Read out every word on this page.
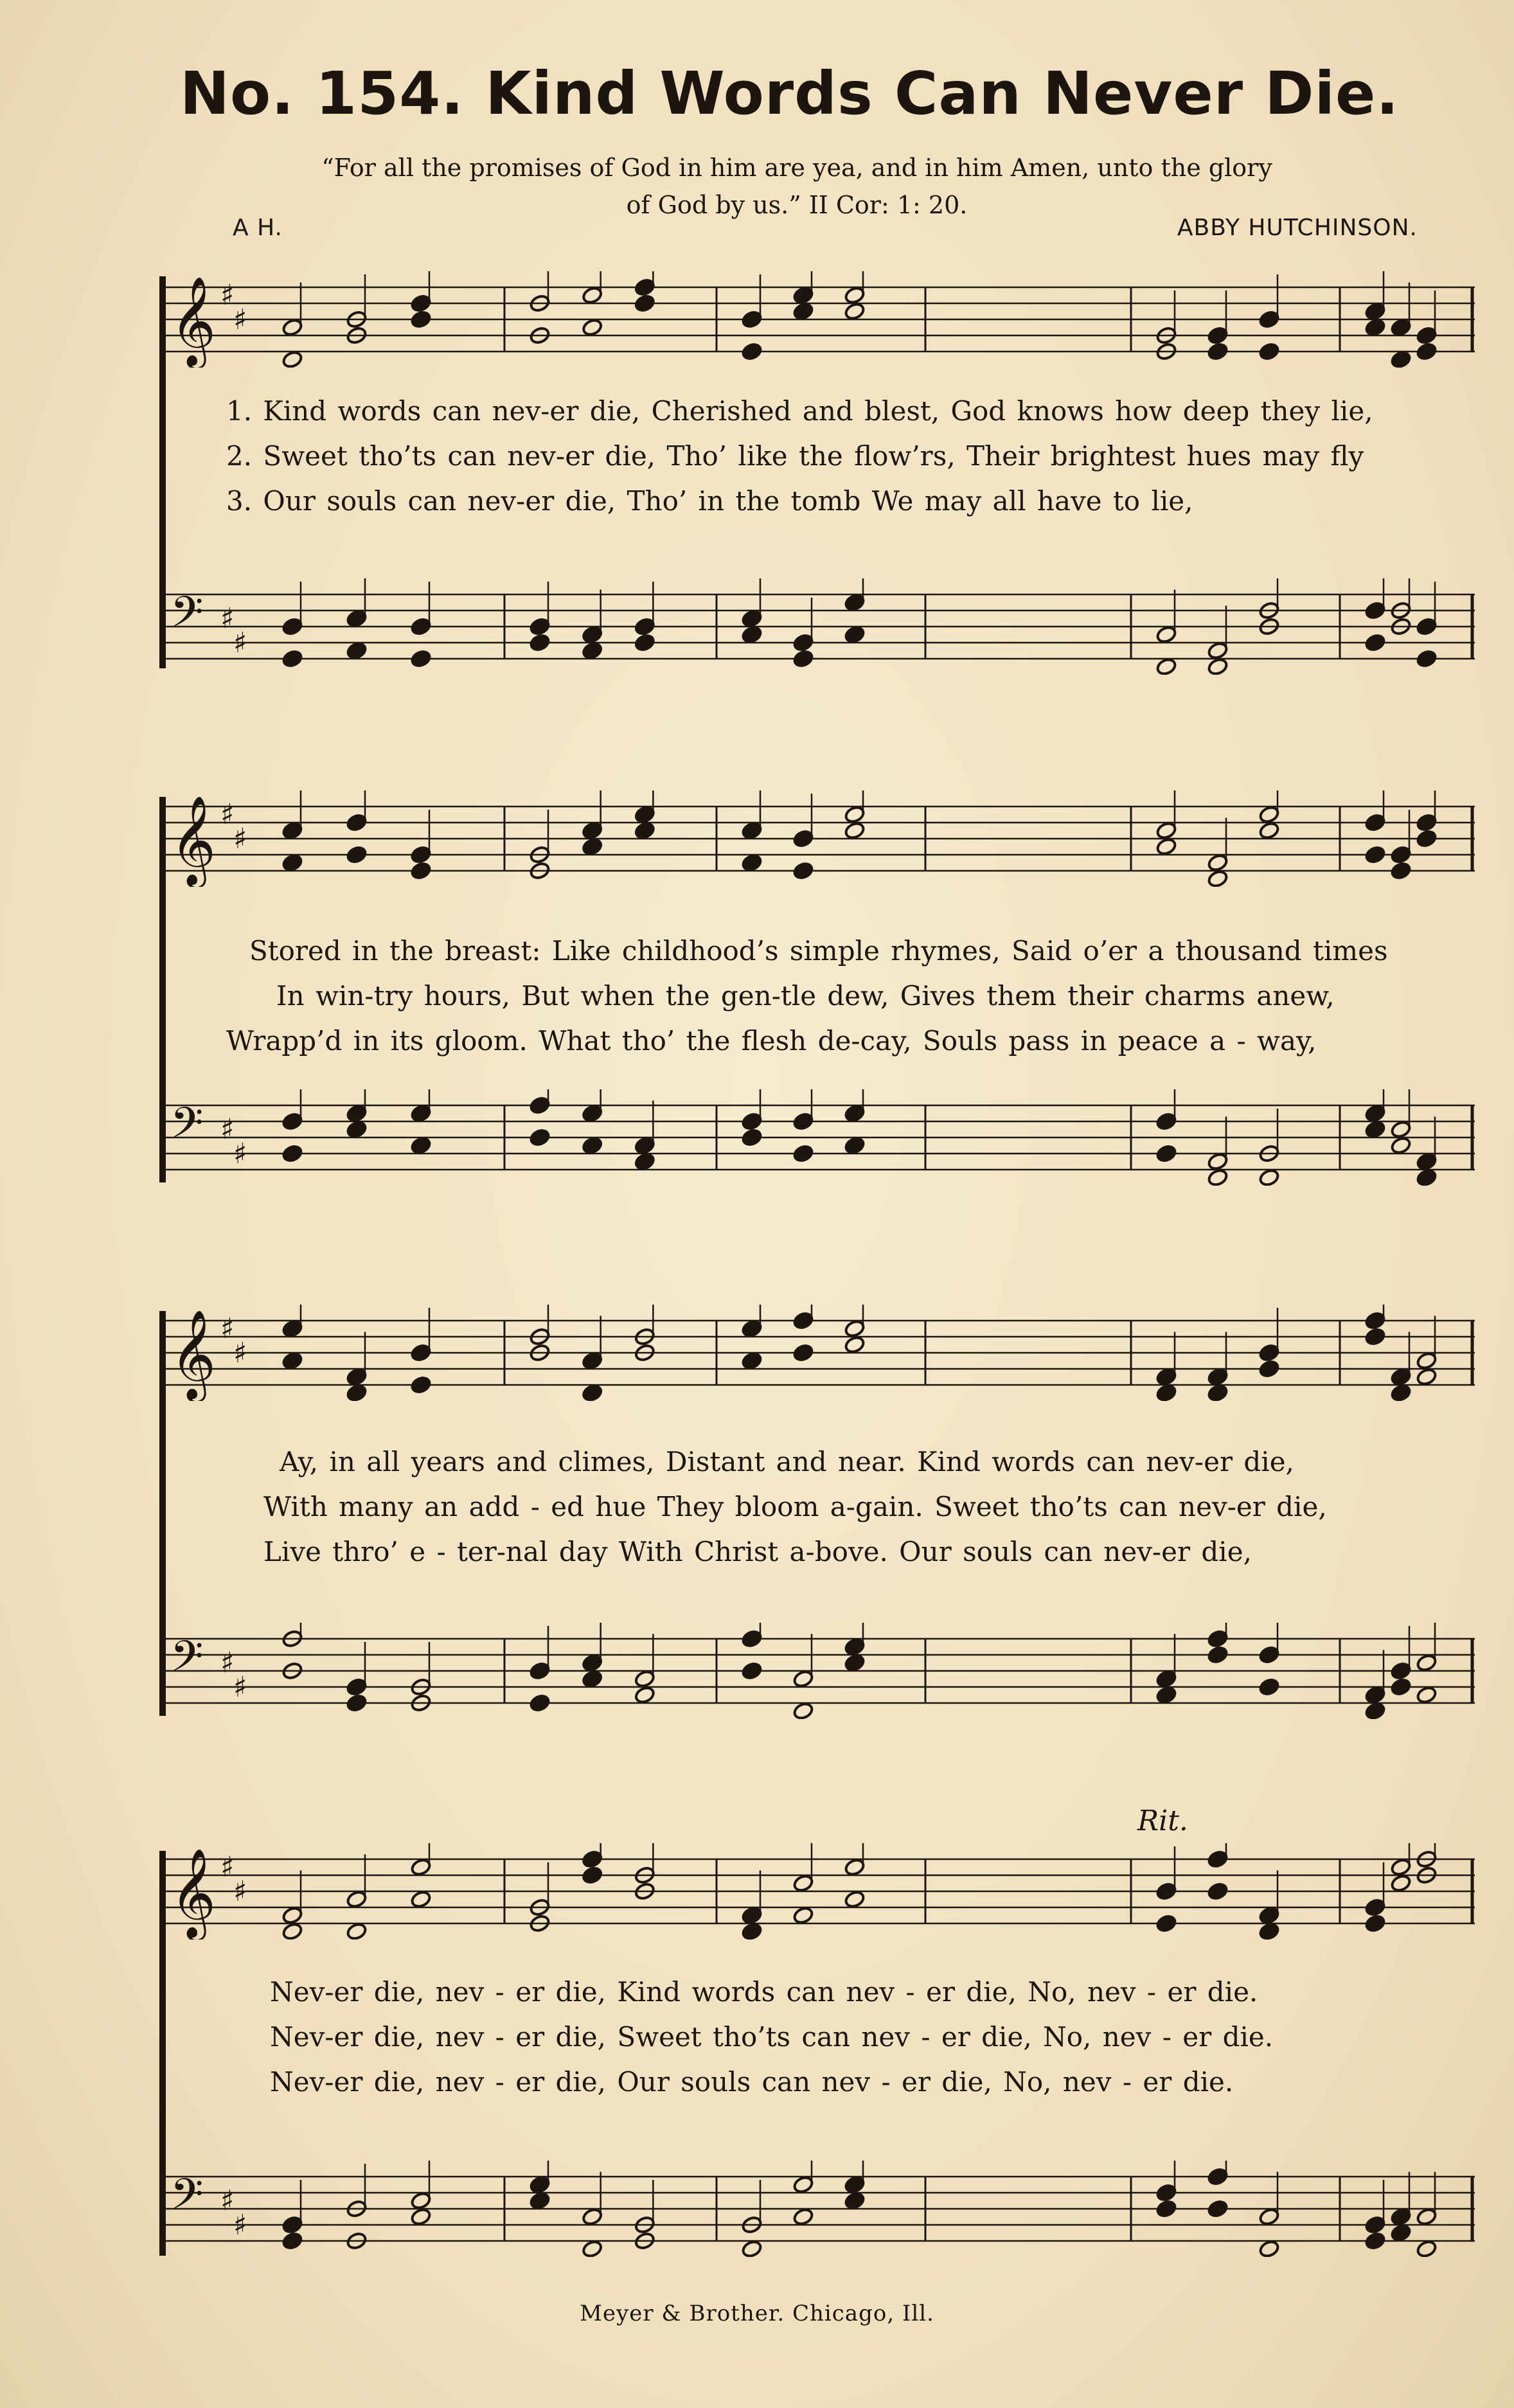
No. 154. Kind Words Can Never Die.
“For all the promises of God in him are yea, and in him Amen, unto the glory
of God by us.” II Cor: 1: 20.
A H.	ABBY HUTCHINSON.
𝄞 ♯
♯
1. Kind words can nev-er die, Cherished and blest, God knows how deep they lie,
2. Sweet tho’ts can nev-er die, Tho’ like the flow’rs, Their brightest hues may fly
3. Our souls can nev-er die, Tho’ in the tomb We may all have to lie,
𝄢 ♯
♯
𝄞 ♯
♯
Stored in the breast: Like childhood’s simple rhymes, Said o’er a thousand times
In win-try hours, But when the gen-tle dew, Gives them their charms anew,
Wrapp’d in its gloom. What tho’ the flesh de-cay, Souls pass in peace a - way,
𝄢 ♯
♯
𝄞 ♯
♯
Ay, in all years and climes, Distant and near. Kind words can nev-er die,
With many an add - ed hue They bloom a-gain. Sweet tho’ts can nev-er die,
Live thro’ e - ter-nal day With Christ a-bove. Our souls can nev-er die,
𝄢 ♯
♯
Rit.
𝄞 ♯
♯
Nev-er die, nev - er die, Kind words can nev - er die, No, nev - er die.
Nev-er die, nev - er die, Sweet tho’ts can nev - er die, No, nev - er die.
Nev-er die, nev - er die, Our souls can nev - er die, No, nev - er die.
𝄢 ♯
♯
Meyer & Brother. Chicago, Ill.
